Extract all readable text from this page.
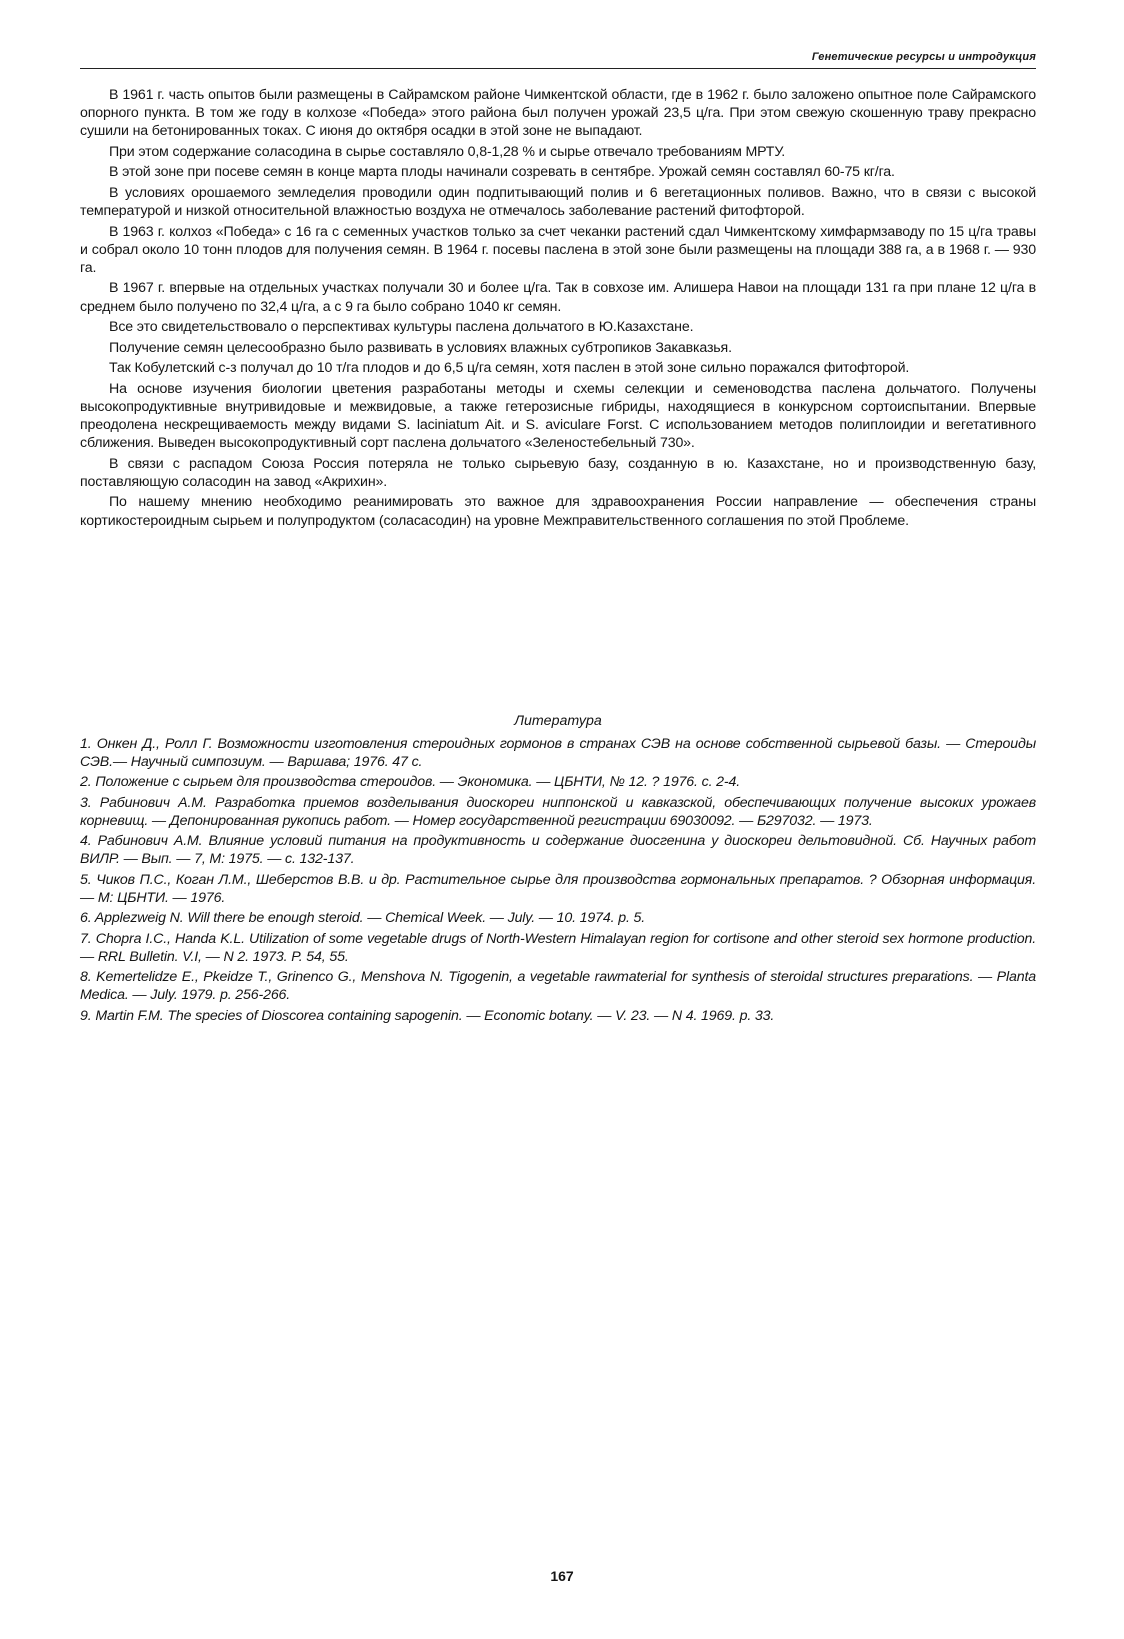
Генетические ресурсы и интродукция

В 1961 г. часть опытов были размещены в Сайрамском районе Чимкентской области, где в 1962 г. было заложено опытное поле Сайрамского опорного пункта. В том же году в колхозе «Победа» этого района был получен урожай 23,5 ц/га. При этом свежую скошенную траву прекрасно сушили на бетонированных токах. С июня до октября осадки в этой зоне не выпадают.

При этом содержание соласодина в сырье составляло 0,8-1,28 % и сырье отвечало требованиям МРТУ.

В этой зоне при посеве семян в конце марта плоды начинали созревать в сентябре. Урожай семян составлял 60-75 кг/га.

В условиях орошаемого земледелия проводили один подпитывающий полив и 6 вегетационных поливов. Важно, что в связи с высокой температурой и низкой относительной влажностью воздуха не отмечалось заболевание растений фитофторой.

В 1963 г. колхоз «Победа» с 16 га с семенных участков только за счет чеканки растений сдал Чимкентскому химфармзаводу по 15 ц/га травы и собрал около 10 тонн плодов для получения семян. В 1964 г. посевы паслена в этой зоне были размещены на площади 388 га, а в 1968 г. — 930 га.

В 1967 г. впервые на отдельных участках получали 30 и более ц/га. Так в совхозе им. Алишера Навои на площади 131 га при плане 12 ц/га в среднем было получено по 32,4 ц/га, а с 9 га было собрано 1040 кг семян.

Все это свидетельствовало о перспективах культуры паслена дольчатого в Ю.Казахстане.

Получение семян целесообразно было развивать в условиях влажных субтропиков Закавказья.

Так Кобулетский с-з получал до 10 т/га плодов и до 6,5 ц/га семян, хотя паслен в этой зоне сильно поражался фитофторой.

На основе изучения биологии цветения разработаны методы и схемы селекции и семеноводства паслена дольчатого. Получены высокопродуктивные внутривидовые и межвидовые, а также гетерозисные гибриды, находящиеся в конкурсном сортоиспытании. Впервые преодолена нескрещиваемость между видами S. laciniatum Ait. и S. aviculare Forst. С использованием методов полиплоидии и вегетативного сближения. Выведен высокопродуктивный сорт паслена дольчатого «Зеленостебельный 730».

В связи с распадом Союза Россия потеряла не только сырьевую базу, созданную в ю. Казахстане, но и производственную базу, поставляющую соласодин на завод «Акрихин».

По нашему мнению необходимо реанимировать это важное для здравоохранения России направление — обеспечения страны кортикостероидным сырьем и полупродуктом (соласасодин) на уровне Межправительственного соглашения по этой Проблеме.

Литература
1. Онкен Д., Ролл Г. Возможности изготовления стероидных гормонов в странах СЭВ на основе собственной сырьевой базы. — Стероиды СЭВ.— Научный симпозиум. — Варшава; 1976. 47 с.
2. Положение с сырьем для производства стероидов. — Экономика. — ЦБНТИ, № 12. ? 1976. с. 2-4.
3. Рабинович А.М. Разработка приемов возделывания диоскореи ниппонской и кавказской, обеспечивающих получение высоких урожаев корневищ. — Депонированная рукопись работ. — Номер государственной регистрации 69030092. — Б297032. — 1973.
4. Рабинович А.М. Влияние условий питания на продуктивность и содержание диосгенина у диоскореи дельтовидной. Сб. Научных работ ВИЛР. — Вып. — 7, М: 1975. — с. 132-137.
5. Чиков П.С., Коган Л.М., Шеберстов В.В. и др. Растительное сырье для производства гормональных препаратов. ? Обзорная информация. — М: ЦБНТИ. — 1976.
6. Applezweig N. Will there be enough steroid. — Chemical Week. — July. — 10. 1974. p. 5.
7. Chopra I.C., Handa K.L. Utilization of some vegetable drugs of North-Western Himalayan region for cortisone and other steroid sex hormone production. — RRL Bulletin. V.I, — N 2. 1973. P. 54, 55.
8. Kemertelidze E., Pkeidze T., Grinenco G., Menshova N. Tigogenin, a vegetable rawmaterial for synthesis of steroidal structures preparations. — Planta Medica. — July. 1979. p. 256-266.
9. Martin F.M. The species of Dioscorea containing sapogenin. — Economic botany. — V. 23. — N 4. 1969. p. 33.
167
